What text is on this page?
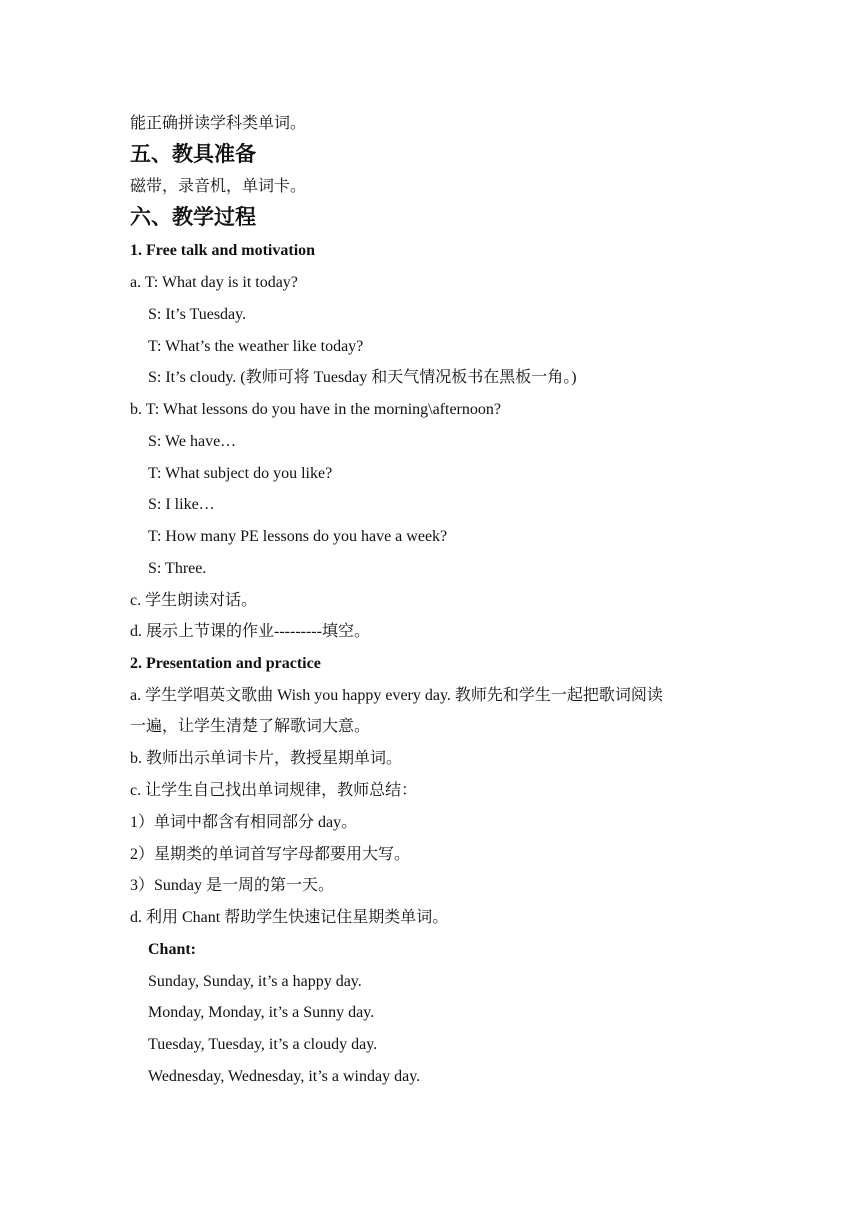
能正确拼读学科类单词。
五、教具准备
磁带，录音机，单词卡。
六、教学过程
1. Free talk and motivation
a. T: What day is it today?
S: It’s Tuesday.
T: What’s the weather like today?
S: It’s cloudy. (教师可将 Tuesday 和天气情况板书在黑板一角。)
b. T: What lessons do you have in the morning\afternoon?
S: We have…
T: What subject do you like?
S: I like…
T: How many PE lessons do you have a week?
S: Three.
c. 学生朗读对话。
d. 展示上节课的作业---------填空。
2. Presentation and practice
a. 学生学唱英文歌曲 Wish you happy every day. 教师先和学生一起把歌词阅读
一遍，让学生清楚了解歌词大意。
b. 教师出示单词卡片，教授星期单词。
c. 让学生自己找出单词规律，教师总结：
1）单词中都含有相同部分 day。
2）星期类的单词首写字母都要用大写。
3）Sunday 是一周的第一天。
d. 利用 Chant 帮助学生快速记住星期类单词。
Chant:
Sunday, Sunday, it’s a happy day.
Monday, Monday, it’s a Sunny day.
Tuesday, Tuesday, it’s a cloudy day.
Wednesday, Wednesday, it’s a winday day.
